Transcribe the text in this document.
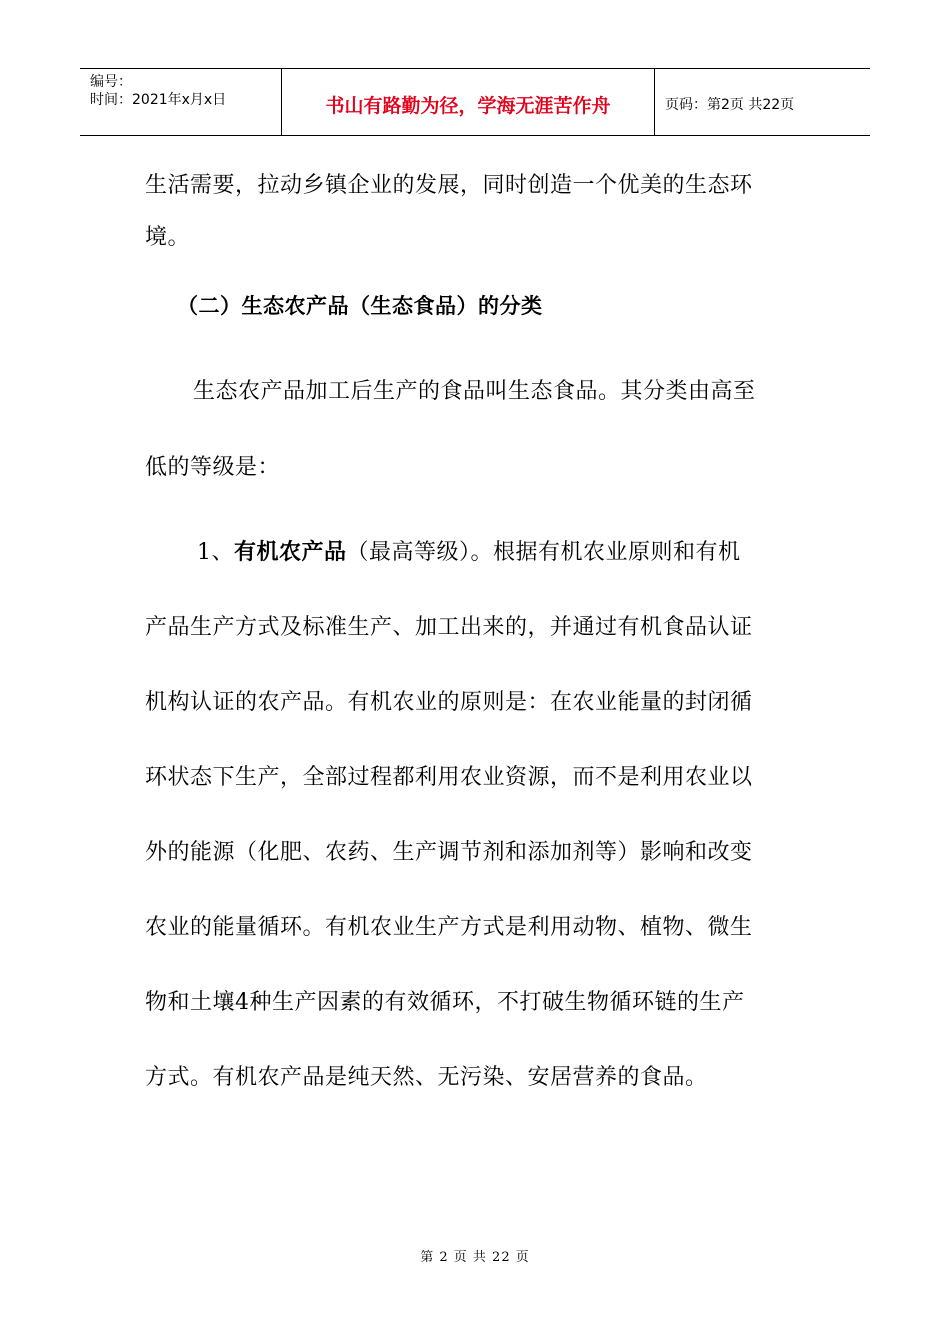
编号：
时间：2021年x月x日	书山有路勤为径，学海无涯苦作舟	页码：第2页 共22页
生活需要，拉动乡镇企业的发展，同时创造一个优美的生态环
境。
（二）生态农产品（生态食品）的分类
生态农产品加工后生产的食品叫生态食品。其分类由高至
低的等级是：
1、有机农产品（最高等级）。根据有机农业原则和有机
产品生产方式及标准生产、加工出来的，并通过有机食品认证
机构认证的农产品。有机农业的原则是：在农业能量的封闭循
环状态下生产，全部过程都利用农业资源，而不是利用农业以
外的能源（化肥、农药、生产调节剂和添加剂等）影响和改变
农业的能量循环。有机农业生产方式是利用动物、植物、微生
物和土壤4种生产因素的有效循环，不打破生物循环链的生产
方式。有机农产品是纯天然、无污染、安居营养的食品。
第 2 页 共 22 页
